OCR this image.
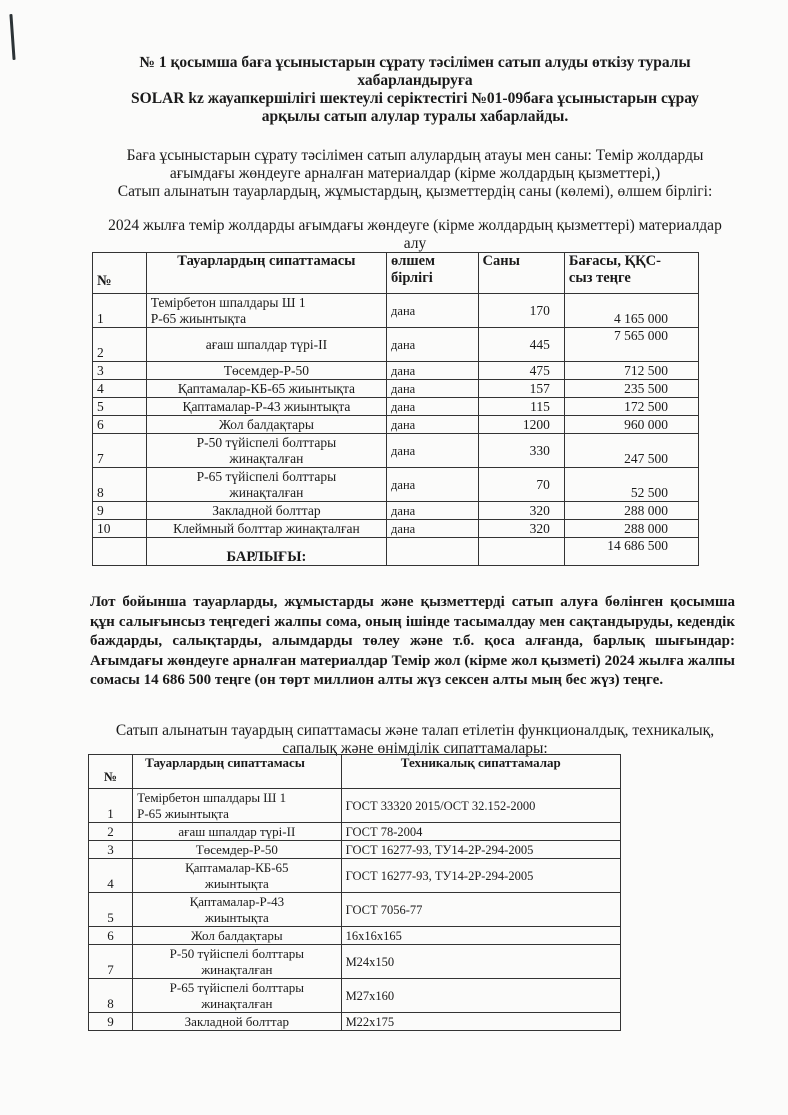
№ 1 қосымша баға ұсыныстарын сұрату тәсілімен сатып алуды өткізу туралы
хабарландыруға
SOLAR kz жауапкершілігі шектеулі серіктестігі №01-09баға ұсыныстарын сұрау
арқылы сатып алулар туралы хабарлайды.
Баға ұсыныстарын сұрату тәсілімен сатып алулардың атауы мен саны: Темір жолдарды
ағымдағы жөндеуге арналған материалдар (кірме жолдардың қызметтері,)
Сатып алынатын тауарлардың, жұмыстардың, қызметтердің саны (көлемі), өлшем бірлігі:
2024 жылға темір жолдарды ағымдағы жөндеуге (кірме жолдардың қызметтері) материалдар
алу
№	Тауарлардың сипаттамасы	өлшем
бірлігі	Саны	Бағасы, ҚҚС-
сыз теңге
1	Темірбетон шпалдары Ш 1
Р-65 жиынтықта	дана	170	4 165 000
2	ағаш шпалдар түрі-II	дана	445	7 565 000
3	Төсемдер-Р-50	дана	475	712 500
4	Қаптамалар-КБ-65 жиынтықта	дана	157	235 500
5	Қаптамалар-Р-43 жиынтықта	дана	115	172 500
6	Жол балдақтары	дана	1200	960 000
7	Р-50 түйіспелі болттары
жинақталған	дана	330	247 500
8	Р-65 түйіспелі болттары
жинақталған	дана	70	52 500
9	Закладной болттар	дана	320	288 000
10	Клеймный болттар жинақталған	дана	320	288 000
	БАРЛЫҒЫ:			14 686 500
Лот бойынша тауарларды, жұмыстарды және қызметтерді сатып алуға бөлінген қосымша құн салығынсыз теңгедегі жалпы сома, оның ішінде тасымалдау мен сақтандыруды, кедендік баждарды, салықтарды, алымдарды төлеу және т.б. қоса алғанда, барлық шығындар: Ағымдағы жөндеуге арналған материалдар Темір жол (кірме жол қызметі) 2024 жылға жалпы сомасы 14 686 500 теңге (он төрт миллион алты жүз сексен алты мың бес жүз) теңге.
Сатып алынатын тауардың сипаттамасы және талап етілетін функционалдық, техникалық,
сапалық және өнімділік сипаттамалары:
№	Тауарлардың сипаттамасы	Техникалық сипаттамалар
1	Темірбетон шпалдары Ш 1
Р-65 жиынтықта	ГОСТ 33320 2015/ОСТ 32.152-2000
2	ағаш шпалдар түрі-II	ГОСТ 78-2004
3	Төсемдер-Р-50	ГОСТ 16277-93, ТУ14-2Р-294-2005
4	Қаптамалар-КБ-65
жиынтықта	ГОСТ 16277-93, ТУ14-2Р-294-2005
5	Қаптамалар-Р-43
жиынтықта	ГОСТ 7056-77
6	Жол балдақтары	16х16х165
7	Р-50 түйіспелі болттары
жинақталған	М24х150
8	Р-65 түйіспелі болттары
жинақталған	М27х160
9	Закладной болттар	М22х175
